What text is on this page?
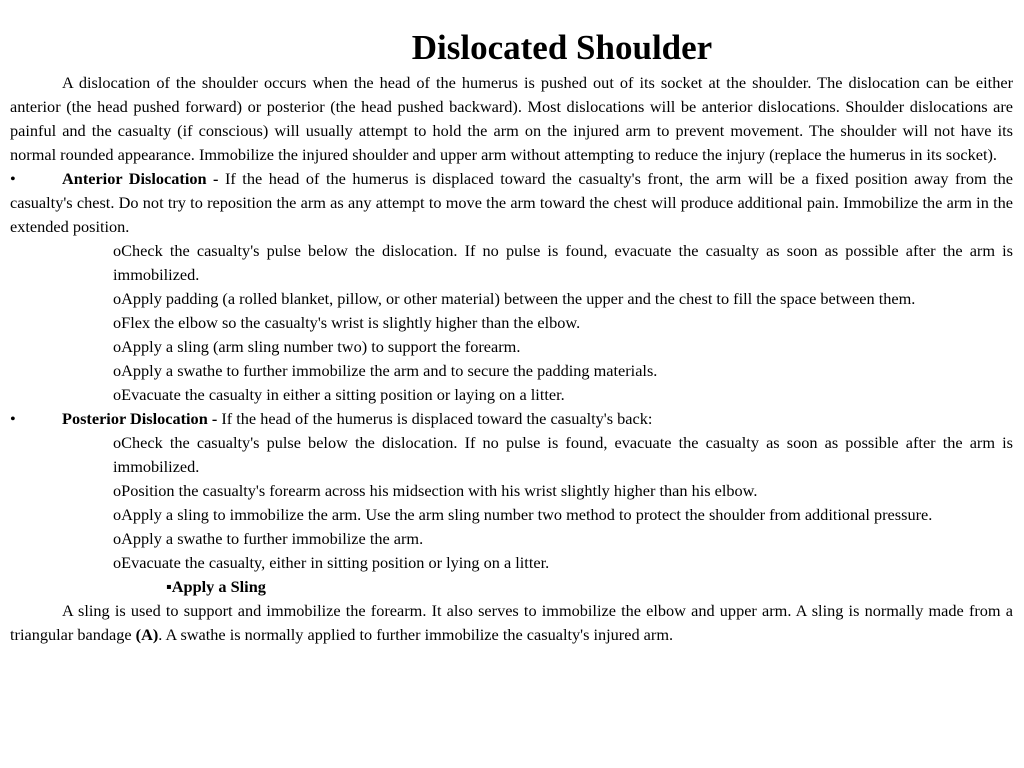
Dislocated Shoulder

A dislocation of the shoulder occurs when the head of the humerus is pushed out of its socket at the shoulder. The dislocation can be either anterior (the head pushed forward) or posterior (the head pushed backward). Most dislocations will be anterior dislocations. Shoulder dislocations are painful and the casualty (if conscious) will usually attempt to hold the arm on the injured arm to prevent movement. The shoulder will not have its normal rounded appearance. Immobilize the injured shoulder and upper arm without attempting to reduce the injury (replace the humerus in its socket).

•	Anterior Dislocation - If the head of the humerus is displaced toward the casualty's front, the arm will be a fixed position away from the casualty's chest. Do not try to reposition the arm as any attempt to move the arm toward the chest will produce additional pain. Immobilize the arm in the extended position.

oCheck the casualty's pulse below the dislocation. If no pulse is found, evacuate the casualty as soon as possible after the arm is immobilized.

oApply padding (a rolled blanket, pillow, or other material) between the upper and the chest to fill the space between them.

oFlex the elbow so the casualty's wrist is slightly higher than the elbow.

oApply a sling (arm sling number two) to support the forearm.

oApply a swathe to further immobilize the arm and to secure the padding materials.

oEvacuate the casualty in either a sitting position or laying on a litter.

•	Posterior Dislocation - If the head of the humerus is displaced toward the casualty's back:

oCheck the casualty's pulse below the dislocation. If no pulse is found, evacuate the casualty as soon as possible after the arm is immobilized.

oPosition the casualty's forearm across his midsection with his wrist slightly higher than his elbow.

oApply a sling to immobilize the arm. Use the arm sling number two method to protect the shoulder from additional pressure.

oApply a swathe to further immobilize the arm.

oEvacuate the casualty, either in sitting position or lying on a litter.

▪Apply a Sling

A sling is used to support and immobilize the forearm. It also serves to immobilize the elbow and upper arm. A sling is normally made from a triangular bandage (A). A swathe is normally applied to further immobilize the casualty's injured arm.
